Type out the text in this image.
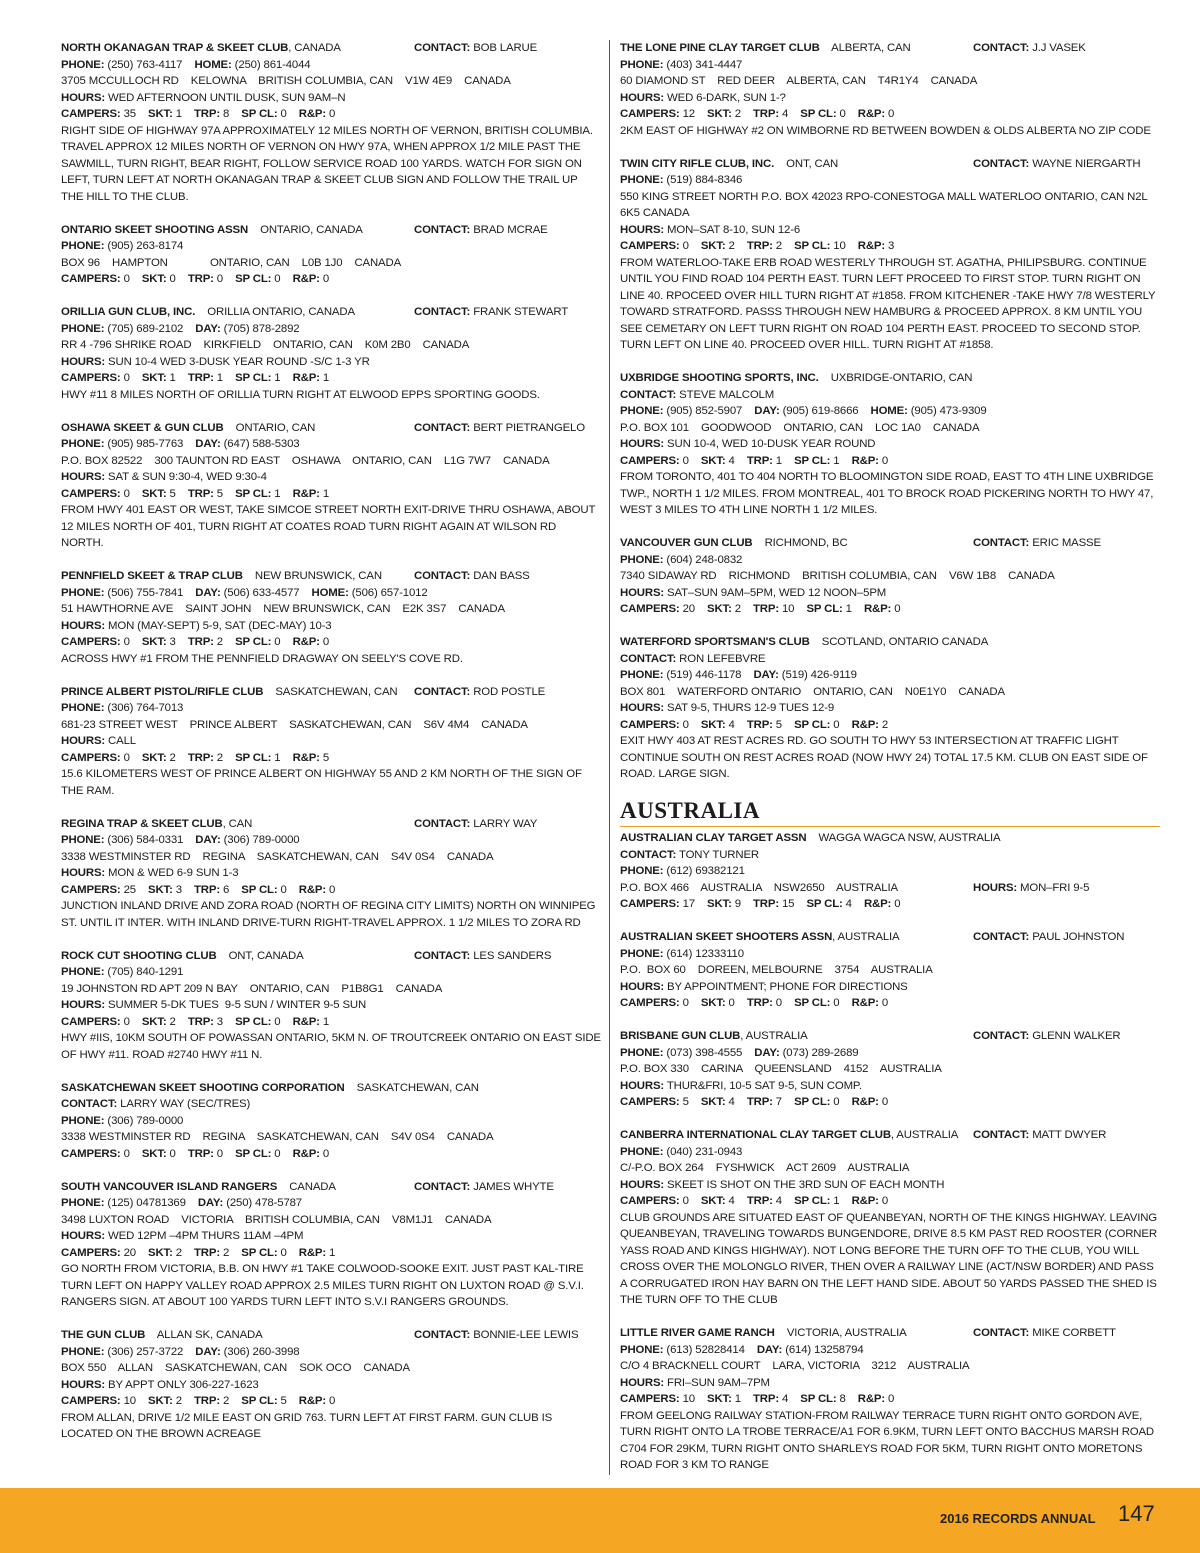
NORTH OKANAGAN TRAP & SKEET CLUB, CANADA	CONTACT: BOB LARUE
PHONE: (250) 763-4117    HOME: (250) 861-4044
3705 MCCULLOCH RD    KELOWNA    BRITISH COLUMBIA, CAN    V1W 4E9    CANADA
HOURS: WED AFTERNOON UNTIL DUSK, SUN 9AM–N
CAMPERS: 35    SKT: 1    TRP: 8    SP CL: 0    R&P: 0
RIGHT SIDE OF HIGHWAY 97A APPROXIMATELY 12 MILES NORTH OF VERNON, BRITISH COLUMBIA. TRAVEL APPROX 12 MILES NORTH OF VERNON ON HWY 97A, WHEN APPROX 1/2 MILE PAST THE SAWMILL, TURN RIGHT, BEAR RIGHT, FOLLOW SERVICE ROAD 100 YARDS. WATCH FOR SIGN ON LEFT, TURN LEFT AT NORTH OKANAGAN TRAP & SKEET CLUB SIGN AND FOLLOW THE TRAIL UP THE HILL TO THE CLUB.
ONTARIO SKEET SHOOTING ASSN    ONTARIO, CANADA	CONTACT: BRAD MCRAE
PHONE: (905) 263-8174
BOX 96    HAMPTON              ONTARIO, CAN    L0B 1J0    CANADA
CAMPERS: 0    SKT: 0    TRP: 0    SP CL: 0    R&P: 0
ORILLIA GUN CLUB, INC.    ORILLIA ONTARIO, CANADA	CONTACT: FRANK STEWART
PHONE: (705) 689-2102    DAY: (705) 878-2892
RR 4 -796 SHRIKE ROAD    KIRKFIELD    ONTARIO, CAN    K0M 2B0    CANADA
HOURS: SUN 10-4 WED 3-DUSK YEAR ROUND -S/C 1-3 YR
CAMPERS: 0    SKT: 1    TRP: 1    SP CL: 1    R&P: 1
HWY #11 8 MILES NORTH OF ORILLIA TURN RIGHT AT ELWOOD EPPS SPORTING GOODS.
OSHAWA SKEET & GUN CLUB    ONTARIO, CAN	CONTACT: BERT PIETRANGELO
PHONE: (905) 985-7763    DAY: (647) 588-5303
P.O. BOX 82522    300 TAUNTON RD EAST    OSHAWA    ONTARIO, CAN    L1G 7W7    CANADA
HOURS: SAT & SUN 9:30-4, WED 9:30-4
CAMPERS: 0    SKT: 5    TRP: 5    SP CL: 1    R&P: 1
FROM HWY 401 EAST OR WEST, TAKE SIMCOE STREET NORTH EXIT-DRIVE THRU OSHAWA, ABOUT 12 MILES NORTH OF 401, TURN RIGHT AT COATES ROAD TURN RIGHT AGAIN AT WILSON RD NORTH.
PENNFIELD SKEET & TRAP CLUB    NEW BRUNSWICK, CAN	CONTACT: DAN BASS
PHONE: (506) 755-7841    DAY: (506) 633-4577    HOME: (506) 657-1012
51 HAWTHORNE AVE    SAINT JOHN    NEW BRUNSWICK, CAN    E2K 3S7    CANADA
HOURS: MON (MAY-SEPT) 5-9, SAT (DEC-MAY) 10-3
CAMPERS: 0    SKT: 3    TRP: 2    SP CL: 0    R&P: 0
ACROSS HWY #1 FROM THE PENNFIELD DRAGWAY ON SEELY'S COVE RD.
PRINCE ALBERT PISTOL/RIFLE CLUB    SASKATCHEWAN, CAN CONTACT: ROD POSTLE
PHONE: (306) 764-7013
681-23 STREET WEST    PRINCE ALBERT    SASKATCHEWAN, CAN    S6V 4M4    CANADA
HOURS: CALL
CAMPERS: 0    SKT: 2    TRP: 2    SP CL: 1    R&P: 5
15.6 KILOMETERS WEST OF PRINCE ALBERT ON HIGHWAY 55 AND 2 KM NORTH OF THE SIGN OF THE RAM.
REGINA TRAP & SKEET CLUB, CAN	CONTACT: LARRY WAY
PHONE: (306) 584-0331    DAY: (306) 789-0000
3338 WESTMINSTER RD    REGINA    SASKATCHEWAN, CAN    S4V 0S4    CANADA
HOURS: MON & WED 6-9 SUN 1-3
CAMPERS: 25    SKT: 3    TRP: 6    SP CL: 0    R&P: 0
JUNCTION INLAND DRIVE AND ZORA ROAD (NORTH OF REGINA CITY LIMITS) NORTH ON WINNIPEG ST. UNTIL IT INTER. WITH INLAND DRIVE-TURN RIGHT-TRAVEL APPROX. 1 1/2 MILES TO ZORA RD
ROCK CUT SHOOTING CLUB    ONT, CANADA	CONTACT: LES SANDERS
PHONE: (705) 840-1291
19 JOHNSTON RD APT 209 N BAY    ONTARIO, CAN    P1B8G1    CANADA
HOURS: SUMMER 5-DK TUES  9-5 SUN / WINTER 9-5 SUN
CAMPERS: 0    SKT: 2    TRP: 3    SP CL: 0    R&P: 1
HWY #IIS, 10KM SOUTH OF POWASSAN ONTARIO, 5KM N. OF TROUTCREEK ONTARIO ON EAST SIDE OF HWY #11. ROAD #2740 HWY #11 N.
SASKATCHEWAN SKEET SHOOTING CORPORATION    SASKATCHEWAN, CAN
CONTACT: LARRY WAY (SEC/TRES)
PHONE: (306) 789-0000
3338 WESTMINSTER RD    REGINA    SASKATCHEWAN, CAN    S4V 0S4    CANADA
CAMPERS: 0    SKT: 0    TRP: 0    SP CL: 0    R&P: 0
SOUTH VANCOUVER ISLAND RANGERS    CANADA	CONTACT: JAMES WHYTE
PHONE: (125) 04781369    DAY: (250) 478-5787
3498 LUXTON ROAD    VICTORIA    BRITISH COLUMBIA, CAN    V8M1J1    CANADA
HOURS: WED 12PM –4PM THURS 11AM –4PM
CAMPERS: 20    SKT: 2    TRP: 2    SP CL: 0    R&P: 1
GO NORTH FROM VICTORIA, B.B. ON HWY #1 TAKE COLWOOD-SOOKE EXIT. JUST PAST KAL-TIRE TURN LEFT ON HAPPY VALLEY ROAD APPROX 2.5 MILES TURN RIGHT ON LUXTON ROAD @ S.V.I. RANGERS SIGN. AT ABOUT 100 YARDS TURN LEFT INTO S.V.I RANGERS GROUNDS.
THE GUN CLUB    ALLAN SK, CANADA	CONTACT: BONNIE-LEE LEWIS
PHONE: (306) 257-3722    DAY: (306) 260-3998
BOX 550    ALLAN    SASKATCHEWAN, CAN    SOK OCO    CANADA
HOURS: BY APPT ONLY 306-227-1623
CAMPERS: 10    SKT: 2    TRP: 2    SP CL: 5    R&P: 0
FROM ALLAN, DRIVE 1/2 MILE EAST ON GRID 763. TURN LEFT AT FIRST FARM. GUN CLUB IS LOCATED ON THE BROWN ACREAGE
THE LONE PINE CLAY TARGET CLUB    ALBERTA, CAN	CONTACT: J.J VASEK
PHONE: (403) 341-4447
60 DIAMOND ST    RED DEER    ALBERTA, CAN    T4R1Y4    CANADA
HOURS: WED 6-DARK, SUN 1-?
CAMPERS: 12    SKT: 2    TRP: 4    SP CL: 0    R&P: 0
2KM EAST OF HIGHWAY #2 ON WIMBORNE RD BETWEEN BOWDEN & OLDS ALBERTA NO ZIP CODE
TWIN CITY RIFLE CLUB, INC.    ONT, CAN	CONTACT: WAYNE NIERGARTH
PHONE: (519) 884-8346
550 KING STREET NORTH P.O. BOX 42023 RPO-CONESTOGA MALL WATERLOO ONTARIO, CAN N2L 6K5 CANADA
HOURS: MON–SAT 8-10, SUN 12-6
CAMPERS: 0    SKT: 2    TRP: 2    SP CL: 10    R&P: 3
FROM WATERLOO-TAKE ERB ROAD WESTERLY THROUGH ST. AGATHA, PHILIPSBURG. CONTINUE UNTIL YOU FIND ROAD 104 PERTH EAST. TURN LEFT PROCEED TO FIRST STOP. TURN RIGHT ON LINE 40. RPOCEED OVER HILL TURN RIGHT AT #1858. FROM KITCHENER -TAKE HWY 7/8 WESTERLY TOWARD STRATFORD. PASSS THROUGH NEW HAMBURG & PROCEED APPROX. 8 KM UNTIL YOU SEE CEMETARY ON LEFT TURN RIGHT ON ROAD 104 PERTH EAST. PROCEED TO SECOND STOP. TURN LEFT ON LINE 40. PROCEED OVER HILL. TURN RIGHT AT #1858.
UXBRIDGE SHOOTING SPORTS, INC.    UXBRIDGE-ONTARIO, CAN
CONTACT: STEVE MALCOLM
PHONE: (905) 852-5907    DAY: (905) 619-8666    HOME: (905) 473-9309
P.O. BOX 101    GOODWOOD    ONTARIO, CAN    LOC 1A0    CANADA
HOURS: SUN 10-4, WED 10-DUSK YEAR ROUND
CAMPERS: 0    SKT: 4    TRP: 1    SP CL: 1    R&P: 0
FROM TORONTO, 401 TO 404 NORTH TO BLOOMINGTON SIDE ROAD, EAST TO 4TH LINE UXBRIDGE TWP., NORTH 1 1/2 MILES. FROM MONTREAL, 401 TO BROCK ROAD PICKERING NORTH TO HWY 47, WEST 3 MILES TO 4TH LINE NORTH 1 1/2 MILES.
VANCOUVER GUN CLUB    RICHMOND, BC	CONTACT: ERIC MASSE
PHONE: (604) 248-0832
7340 SIDAWAY RD    RICHMOND    BRITISH COLUMBIA, CAN    V6W 1B8    CANADA
HOURS: SAT–SUN 9AM–5PM, WED 12 NOON–5PM
CAMPERS: 20    SKT: 2    TRP: 10    SP CL: 1    R&P: 0
WATERFORD SPORTSMAN'S CLUB    SCOTLAND, ONTARIO CANADA
CONTACT: RON LEFEBVRE
PHONE: (519) 446-1178    DAY: (519) 426-9119
BOX 801    WATERFORD ONTARIO    ONTARIO, CAN    N0E1Y0    CANADA
HOURS: SAT 9-5, THURS 12-9 TUES 12-9
CAMPERS: 0    SKT: 4    TRP: 5    SP CL: 0    R&P: 2
EXIT HWY 403 AT REST ACRES RD. GO SOUTH TO HWY 53 INTERSECTION AT TRAFFIC LIGHT CONTINUE SOUTH ON REST ACRES ROAD (NOW HWY 24) TOTAL 17.5 KM. CLUB ON EAST SIDE OF ROAD. LARGE SIGN.
AUSTRALIA
AUSTRALIAN CLAY TARGET ASSN    WAGGA WAGCA NSW, AUSTRALIA
CONTACT: TONY TURNER
PHONE: (612) 69382121
P.O. BOX 466    AUSTRALIA    NSW2650    AUSTRALIA	HOURS: MON–FRI 9-5
CAMPERS: 17    SKT: 9    TRP: 15    SP CL: 4    R&P: 0
AUSTRALIAN SKEET SHOOTERS ASSN, AUSTRALIA	CONTACT: PAUL JOHNSTON
PHONE: (614) 12333110
P.O.  BOX 60    DOREEN, MELBOURNE    3754    AUSTRALIA
HOURS: BY APPOINTMENT; PHONE FOR DIRECTIONS
CAMPERS: 0    SKT: 0    TRP: 0    SP CL: 0    R&P: 0
BRISBANE GUN CLUB, AUSTRALIA	CONTACT: GLENN WALKER
PHONE: (073) 398-4555    DAY: (073) 289-2689
P.O. BOX 330    CARINA    QUEENSLAND    4152    AUSTRALIA
HOURS: THUR&FRI, 10-5 SAT 9-5, SUN COMP.
CAMPERS: 5    SKT: 4    TRP: 7    SP CL: 0    R&P: 0
CANBERRA INTERNATIONAL CLAY TARGET CLUB, AUSTRALIA CONTACT: MATT DWYER
PHONE: (040) 231-0943
C/-P.O. BOX 264    FYSHWICK    ACT 2609    AUSTRALIA
HOURS: SKEET IS SHOT ON THE 3RD SUN OF EACH MONTH
CAMPERS: 0    SKT: 4    TRP: 4    SP CL: 1    R&P: 0
CLUB GROUNDS ARE SITUATED EAST OF QUEANBEYAN, NORTH OF THE KINGS HIGHWAY. LEAVING QUEANBEYAN, TRAVELING TOWARDS BUNGENDORE, DRIVE 8.5 KM PAST RED ROOSTER (CORNER YASS ROAD AND KINGS HIGHWAY). NOT LONG BEFORE THE TURN OFF TO THE CLUB, YOU WILL CROSS OVER THE MOLONGLO RIVER, THEN OVER A RAILWAY LINE (ACT/NSW BORDER) AND PASS A CORRUGATED IRON HAY BARN ON THE LEFT HAND SIDE. ABOUT 50 YARDS PASSED THE SHED IS THE TURN OFF TO THE CLUB
LITTLE RIVER GAME RANCH    VICTORIA, AUSTRALIA	CONTACT: MIKE CORBETT
PHONE: (613) 52828414    DAY: (614) 13258794
C/O 4 BRACKNELL COURT    LARA, VICTORIA    3212    AUSTRALIA
HOURS: FRI–SUN 9AM–7PM
CAMPERS: 10    SKT: 1    TRP: 4    SP CL: 8    R&P: 0
FROM GEELONG RAILWAY STATION-FROM RAILWAY TERRACE TURN RIGHT ONTO GORDON AVE, TURN RIGHT ONTO LA TROBE TERRACE/A1 FOR 6.9KM, TURN LEFT ONTO BACCHUS MARSH ROAD C704 FOR 29KM, TURN RIGHT ONTO SHARLEYS ROAD FOR 5KM, TURN RIGHT ONTO MORETONS ROAD FOR 3 KM TO RANGE
2016 RECORDS ANNUAL 147
